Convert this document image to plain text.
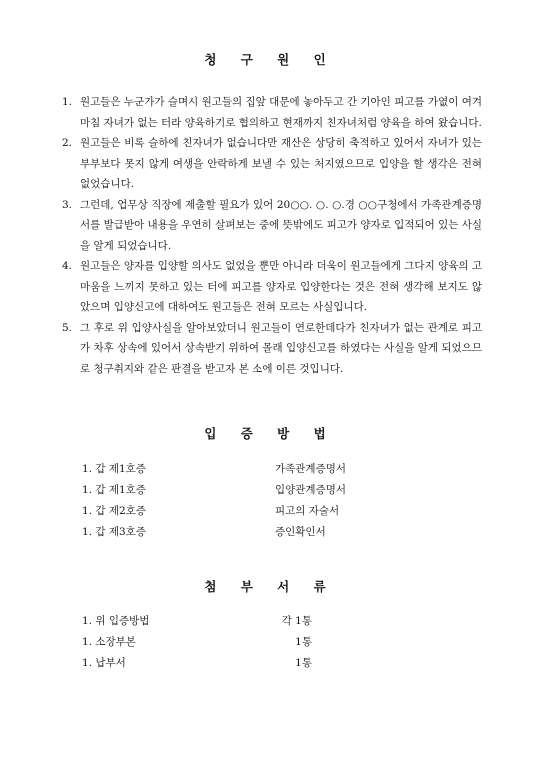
청 구 원 인
1. 원고들은 누군가가 슬며시 원고들의 집앞 대문에 놓아두고 간 기아인 피고를 가엾이 여겨 마침 자녀가 없는 터라 양육하기로 협의하고 현재까지 친자녀처럼 양육을 하여 왔습니다.
2. 원고들은 비록 슬하에 친자녀가 없습니다만 재산은 상당히 축적하고 있어서 자녀가 있는 부부보다 못지 않게 여생을 안락하게 보낼 수 있는 처지였으므로 입양을 할 생각은 전혀 없었습니다.
3. 그런데, 업무상 직장에 제출할 필요가 있어 20○○. ○. ○.경 ○○구청에서 가족관계증명서를 발급받아 내용을 우연히 살펴보는 중에 뜻밖에도 피고가 양자로 입적되어 있는 사실을 알게 되었습니다.
4. 원고들은 양자를 입양할 의사도 없었을 뿐만 아니라 더욱이 원고들에게 그다지 양육의 고마움을 느끼지 못하고 있는 터에 피고를 양자로 입양한다는 것은 전혀 생각해 보지도 않았으며 입양신고에 대하여도 원고들은 전혀 모르는 사실입니다.
5. 그 후로 위 입양사실을 알아보았더니 원고들이 연로한데다가 친자녀가 없는 관계로 피고가 차후 상속에 있어서 상속받기 위하여 몰래 입양신고를 하였다는 사실을 알게 되었으므로 청구취지와 같은 판결을 받고자 본 소에 이른 것입니다.
입 증 방 법
1. 갑 제1호증	가족관계증명서
1. 갑 제1호증	입양관계증명서
1. 갑 제2호증	피고의 자술서
1. 갑 제3호증	증인확인서
첨 부 서 류
1. 위 입증방법	각 1통
1. 소장부본	1통
1. 납부서	1통
